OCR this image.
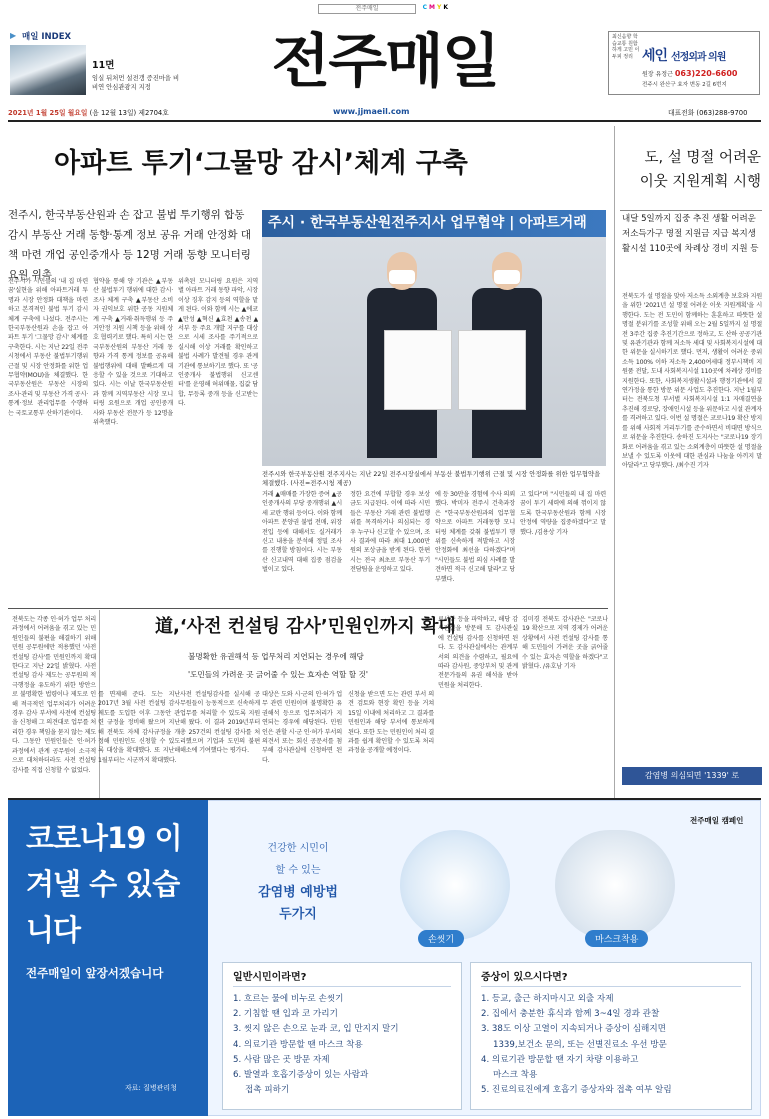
전주매일	C M Y K
▶ 매일 INDEX
11면
임실 뒤처먼 설전갱 증진마을 비비연 안심관광지 지정	전주매일	최신음향 학습교통 원함하게 고민 이 두피 정리 세인 선정외과 의원
원장 유정근 063)220-6600
전주시 완산구 효자 변동 2길 6번지
2021년 1월 25일 월요일 (음 12월 13일) 제2704호	www.jjmaeil.com	대표전화 (063)288-9700
아파트 투기‘그물망 감시’체계 구축	도, 설 명절 어려운 이웃 지원계획 시행
전주시, 한국부동산원과 손 잡고 불법 투기행위 합동 감시 부동산 거래 동향·통계 정보 공유 거래 안정화 대책 마련 개업 공인중개사 등 12명 거래 동향 모니터링 요원 위촉
주시 · 한국부동산원전주지사 업무협약 | 아파트거래
전주시와 한국부동산원 전주지사는 지난 22일 전주시장실에서 부동산 불법투기행위 근절 및 시장 안정화를 위한 업무협약을 체결했다. (사진=전주시청 제공)
전주시가 시민들의 '내 집 마련 꿈'실현을 위해 아파트거래 투명과 시장 안정화 대책을 마련하고 본격적인 불법 투기 감시 체계 구축에 나섰다. 전주시는 한국부동산원과 손을 잡고 아파트 투기 '그물망 감시' 체계를 구축한다. 시는 지난 22일 전주시청에서 부동산 불법투기행위 근절 및 시장 안정화를 위한 업무협약(MOU)을 체결했다. 한국부동산원은 부동산 시장의 조사·관리 및 부동산 가격 공시·통계·정보 관리업무를 수행하는 국토교통부 산하기관이다.
협약을 통해 양 기관은 ▲부동산 불법투기 행위에 대한 감시·조사 체계 구축 ▲부동산 소비자 권익보호 위한 공동 지원체계 구축 ▲거래·취득행위 등 주거안정 지원 시책 등을 위해 상호 협력키로 했다. 특히 시는 한국부동산원의 부동산 거래 동향과 가격 통계 정보를 공유해 불법행위에 대해 발빠르게 대응할 수 있을 것으로 기대하고 있다. 시는 이날 한국부동산원과 함께 지역부동산 시장 모니터링 요원으로 개업 공인중개사와 부동산 전문가 등 12명을 위촉했다.
위촉된 모니터링 요원은 지역별 아파트 거래 동향 파악, 시장 이상 징후 감지 등의 역할을 맡게 된다. 이와 함께 시는 ▲에코 ▲만성 ▲혁신 ▲효천 ▲송천 ▲서부 등 주요 개발 지구를 대상으로 시세 조사를 주기적으로 실시해 이상 거래를 확인하고 불법 사례가 발견될 경우 관계기관에 통보하기로 했다. 또 '공인중개사 불법행위 신고센터'를 운영해 허위매물, 집값 담합, 무등록 중개 등을 신고받는다.
거래 ▲매매를 가장한 증여 ▲공인중개사의 부당 중개행위 ▲시세 교란 행위 등이다. 이와 함께 아파트 분양권 불법 전매, 위장 전입 등에 대해서도 실거래가 신고 내용을 분석해 정밀 조사를 진행할 방침이다. 시는 부동산 신고내역 대해 집중 점검을 벌이고 있다.
정한 요건에 부합할 경우 보상금도 지급된다. 이에 따라 시민들은 부동산 거래 관련 불법행위를 목격하거나 의심되는 경우 누구나 신고할 수 있으며, 조사 결과에 따라 최대 1,000만원의 포상금을 받게 된다. 한편 시는 전국 최초로 부동산 투기 전담팀을 운영하고 있다.
에 등 30만을 경험에 수사 의뢰했다. 박미자 전주시 건축과장은 "한국부동산원과의 업무협약으로 아파트 거래동향 모니터링 체계를 갖춰 불법투기 행위를 신속하게 적발하고 시장 안정화에 최선을 다하겠다"며 "시민들도 불법 의심 사례를 발견하면 적극 신고해 달라"고 당부했다.
고 있다"며 "시민들의 내 집 마련 꿈이 투기 세력에 의해 꺾이지 않도록 한국부동산원과 함께 시장 안정에 역량을 집중하겠다"고 말했다. /김용상 기자
내달 5일까지 집중 추진 생활 어려운 저소득가구 명절 지원금 지급 복지생활시설 110곳에 차례상 경비 지원 등
전북도가 설 명절을 맞아 저소득 소외계층 보호와 지원을 위한 '2021년 설 명절 어려운 이웃 지원계획'을 시행한다. 도는 전 도민이 함께하는 훈훈하고 따뜻한 설 명절 분위기를 조성할 위해 오는 2월 5일까지 설 명절 전 3주간 집중 추진기간으로 정하고, 도 산하 공공기관 및 유관기관과 함께 저소득 세대 및 사회복지시설에 대한 위문을 실시하기로 했다. 먼저, 생활이 어려운 중위소득 100% 이하 저소득 2,400여세대 정부시책비 지원품 전달, 도내 사회복지시설 110곳에 차례상 경비를 지원한다. 또한, 사회복지생활시설과 행정기관에서 결연가정을 통한 방문 위문 사업도 추진한다. 지난 1월부터는 전북도청 부서별 사회복지시설 1:1 자매결연을 추진해 경로당, 장애인시설 등을 위문하고 시설 관계자를 격려하고 있다. 이번 설 명절은 코로나19 확산 방지를 위해 사회적 거리두기를 준수하면서 비대면 방식으로 위문을 추진한다. 송하진 도지사는 "코로나19 장기화로 어려움을 겪고 있는 소외계층이 따뜻한 설 명절을 보낼 수 있도록 이웃에 대한 관심과 나눔을 아끼지 말아달라"고 당부했다. /최수진 기자
감염병 의심되면 '1339' 로
道,‘사전 컨설팅 감사’민원인까지 확대
불명확한 유권해석 등 업무처리 지연되는 경우에 해당
'도민들의 가려운 곳 긁어줄 수 있는 효자손 역할 할 것'
전북도는 각종 인·허가 업무 처리 과정에서 어려움을 겪고 있는 민원인들의 불편을 해결하기 위해 민원 공무원에만 적용했던 '사전 컨설팅 감사'를 민원인까지 확대한다고 지난 22일 밝혔다. 사전 컨설팅 감사 제도는 공무원의 적극행정을 유도하기 위한 방안으로 불명확한 법령이나 제도로 인해 적극적인 업무처리가 어려운 경우 감사 부서에 사전에 컨설팅을 신청해 그 의견대로 업무를 처리한 경우 책임을 묻지 않는 제도다. 그동안 민원인들은 인·허가 과정에서 관계 공무원이 소극적으로 대처하더라도 사전 컨설팅 감사를 직접 신청할 수 없었다.
를 면제해 준다. 도는 지난 2017년 3월 사전 컨설팅 감사 제도를 도입한 이후 그동안 관련 규정을 정비해 왔으며 지난해 전북도 자체 감사규정을 개정해 민원인도 신청할 수 있도록 대상을 확대했다. 또 지난해 1월부터는 시군까지 확대했다.
사전 컨설팅감사를 실시해 공무원들이 능동적으로 신속하게 업무를 처리할 수 있도록 지원해 왔다. 이 결과 2019년부터 총 257건의 컨설팅 감사를 처리했으며 기업과 도민의 불편 해소에 기여했다는 평가다.
대상은 도와 시·군의 인·허가 업무 관련 민원이며 불명확한 유권해석 등으로 업무처리가 지연되는 경우에 해당된다. 민원인은 관할 시·군 인·허가 부서의 의견서 또는 회신 공문서를 첨부해 감사관실에 신청하면 된다.
신청을 받으면 도는 관련 부서 의견 검토와 현장 확인 등을 거쳐 15일 이내에 처리하고 그 결과를 민원인과 해당 부서에 통보하게 된다. 또한 도는 민원인이 처리 결과를 쉽게 확인할 수 있도록 처리 과정을 공개할 예정이다.
료사항 등을 파악하고, 해당 감사관실을 방문해 도 감사관실에 컨설팅 감사를 신청하면 된다. 도 감사관실에서는 관계부서의 의견을 수렴하고, 필요에 따라 감사원, 중앙부처 및 관계 전문가들의 유권 해석을 받아 민원을 처리한다.
김미경 전북도 감사관은 "코로나19 확산으로 지역 경제가 어려운 상황에서 사전 컨설팅 감사를 통해 도민들이 가려운 곳을 긁어줄 수 있는 효자손 역할을 하겠다"고 밝혔다. /유호남 기자
코로나19 이겨낼 수 있습니다
전주매일이 앞장서겠습니다
자료: 질병관리청
전주매일 캠페인
건강한 시민이
할 수 있는
감염병 예방법
두가지
손씻기	마스크착용
일반시민이라면?
1. 흐르는 물에 비누로 손씻기
2. 기침할 땐 입과 코 가리기
3. 씻지 않은 손으로 눈과 코, 입 만지지 말기
4. 의료기관 방문할 땐 마스크 착용
5. 사람 많은 곳 방문 자제
6. 발열과 호흡기증상이 있는 사람과
접촉 피하기
증상이 있으시다면?
1. 등교, 출근 하지마시고 외출 자제
2. 집에서 충분한 휴식과 함께 3~4일 경과 관찰
3. 38도 이상 고열이 지속되거나 증상이 심해지면
1339,보건소 문의, 또는 선별진료소 우선 방문
4. 의료기관 방문할 땐 자기 차량 이용하고
마스크 착용
5. 진료의료진에게 호흡기 증상자와 접촉 여부 알림
